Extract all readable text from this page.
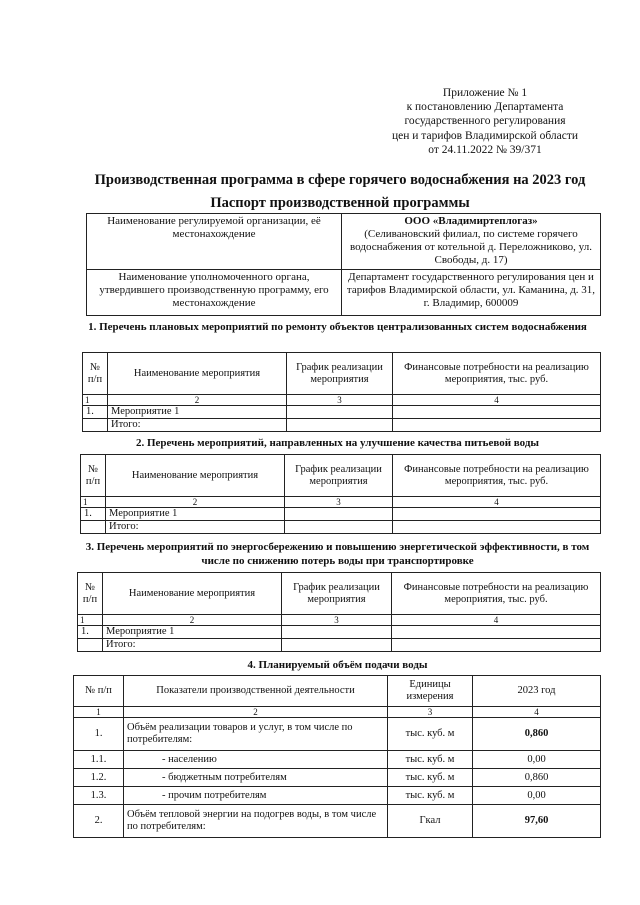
Приложение № 1
к постановлению Департамента
государственного регулирования
цен и тарифов Владимирской области
от 24.11.2022 № 39/371
Производственная программа в сфере горячего водоснабжения на 2023 год
Паспорт производственной программы
Наименование регулируемой организации, её местонахождение	ООО «Владимиртеплогаз»
(Селивановский филиал, по системе горячего водоснабжения от котельной д. Переложниково, ул. Свободы, д. 17)

Наименование уполномоченного органа, утвердившего производственную программу, его местонахождение	Департамент государственного регулирования цен и тарифов Владимирской области, ул. Каманина, д. 31, г. Владимир, 600009
1. Перечень плановых мероприятий по ремонту объектов централизованных систем водоснабжения
№ п/п	Наименование мероприятия	График реализации мероприятия	Финансовые потребности на реализацию мероприятия, тыс. руб.
1	2	3	4
1.	Мероприятие 1		
	Итого:		
2. Перечень мероприятий, направленных на улучшение качества питьевой воды
№ п/п	Наименование мероприятия	График реализации мероприятия	Финансовые потребности на реализацию мероприятия, тыс. руб.
1	2	3	4
1.	Мероприятие 1		
	Итого:		
3. Перечень мероприятий по энергосбережению и повышению энергетической эффективности, в том числе по снижению потерь воды при транспортировке
№ п/п	Наименование мероприятия	График реализации мероприятия	Финансовые потребности на реализацию мероприятия, тыс. руб.
1	2	3	4
1.	Мероприятие 1		
	Итого:		
4. Планируемый объём подачи воды
№ п/п	Показатели производственной деятельности	Единицы измерения	2023 год
1	2	3	4
1.	Объём реализации товаров и услуг, в том числе по потребителям:	тыс. куб. м	0,860
1.1.	- населению	тыс. куб. м	0,00
1.2.	- бюджетным потребителям	тыс. куб. м	0,860
1.3.	- прочим потребителям	тыс. куб. м	0,00
2.	Объём тепловой энергии на подогрев воды, в том числе по потребителям:	Гкал	97,60
